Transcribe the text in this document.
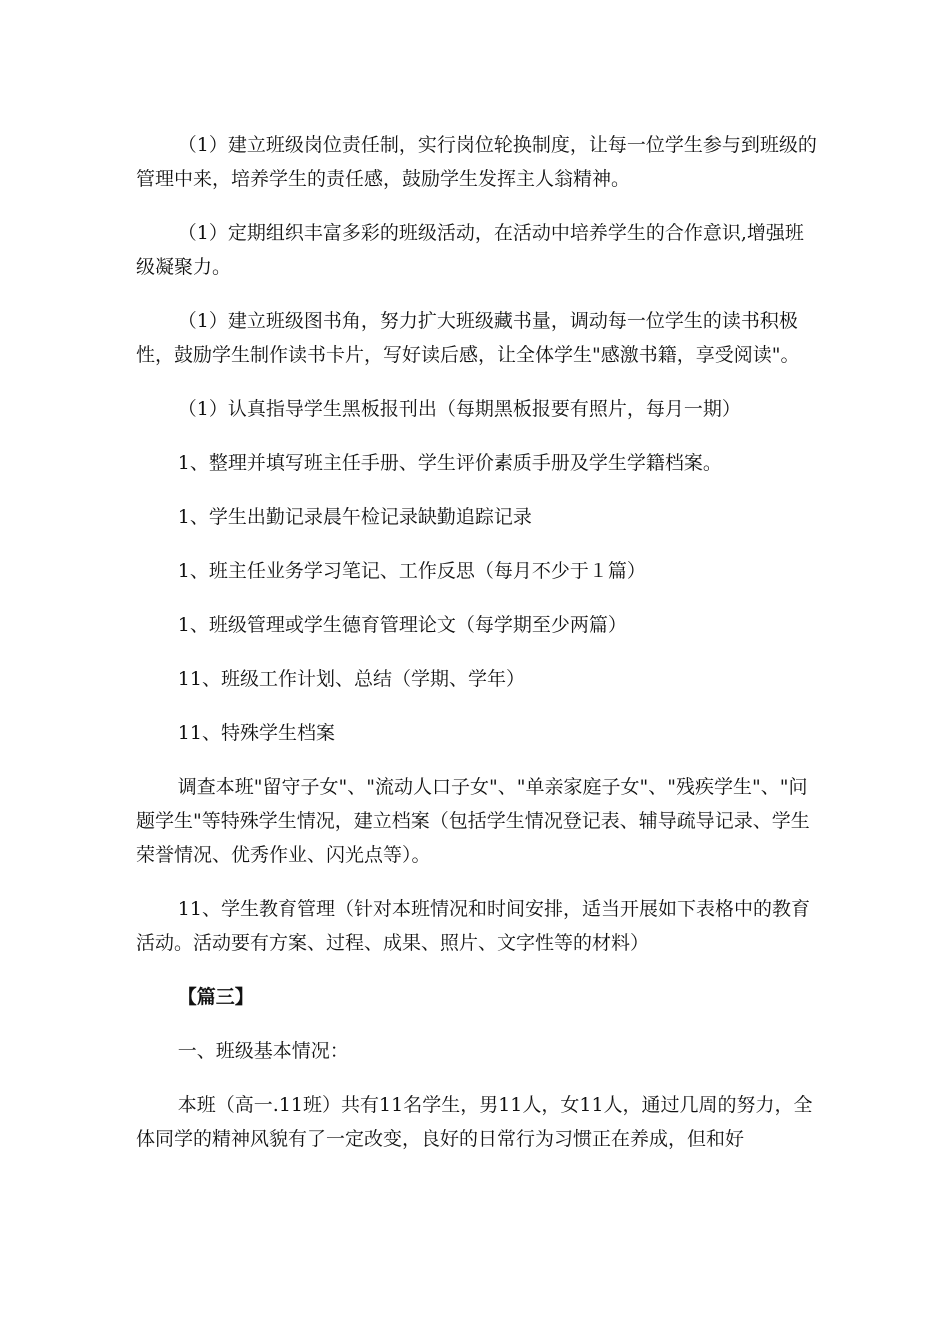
（1）建立班级岗位责任制，实行岗位轮换制度，让每一位学生参与到班级的管理中来，培养学生的责任感，鼓励学生发挥主人翁精神。

（1）定期组织丰富多彩的班级活动，在活动中培养学生的合作意识,增强班级凝聚力。

（1）建立班级图书角，努力扩大班级藏书量，调动每一位学生的读书积极性，鼓励学生制作读书卡片，写好读后感，让全体学生"感激书籍，享受阅读"。

（1）认真指导学生黑板报刊出（每期黑板报要有照片，每月一期）

1、整理并填写班主任手册、学生评价素质手册及学生学籍档案。

1、学生出勤记录晨午检记录缺勤追踪记录

1、班主任业务学习笔记、工作反思（每月不少于１篇）

1、班级管理或学生德育管理论文（每学期至少两篇）

11、班级工作计划、总结（学期、学年）

11、特殊学生档案

调查本班"留守子女"、"流动人口子女"、"单亲家庭子女"、"残疾学生"、"问题学生"等特殊学生情况，建立档案（包括学生情况登记表、辅导疏导记录、学生荣誉情况、优秀作业、闪光点等）。

11、学生教育管理（针对本班情况和时间安排，适当开展如下表格中的教育活动。活动要有方案、过程、成果、照片、文字性等的材料）

【篇三】

一、班级基本情况：

本班（高一.11班）共有11名学生，男11人，女11人，通过几周的努力，全体同学的精神风貌有了一定改变，良好的日常行为习惯正在养成，但和好
